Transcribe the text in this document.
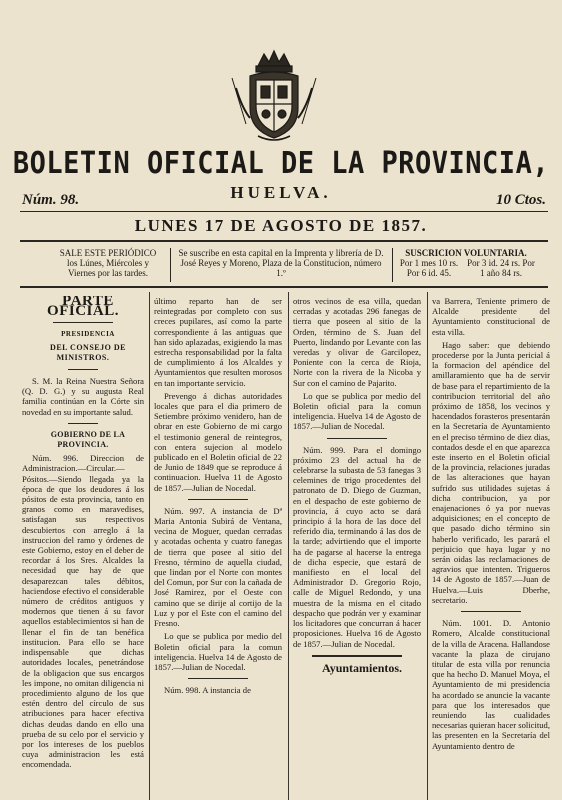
BOLETIN OFICIAL DE LA PROVINCIA,
Núm. 98.	HUELVA.	10 Ctos.
LUNES 17 DE AGOSTO DE 1857.
SALE ESTE PERIÓDICO los Lúnes, Miércoles y Viernes por las tardes.
Se suscribe en esta capital en la Imprenta y librería de D. José Reyes y Moreno, Plaza de la Constitucion, número 1.º
SUSCRICION VOLUNTARIA.
Por 1 mes 10 rs. Por 6 id. 45.
Por 3 id. 24 rs. Por 1 año 84 rs.

PARTE OFICIAL.

PRESIDENCIA

DEL CONSEJO DE MINISTROS.

S. M. la Reina Nuestra Señora (Q. D. G.) y su augusta Real familia continúan en la Córte sin novedad en su importante salud.

GOBIERNO DE LA PROVINCIA.

Núm. 996. Direccion de Administracion.—Circular.—Pósitos.—Siendo llegada ya la época de que los deudores á los pósitos de esta provincia, tanto en granos como en maravedises, satisfagan sus respectivos descubiertos con arreglo á la instruccion del ramo y órdenes de este Gobierno, estoy en el deber de recordar á los Sres. Alcaldes la necesidad que hay de que desaparezcan tales débitos, haciendose efectivo el considerable número de créditos antiguos y modernos que tienen á su favor aquellos establecimientos si han de llenar el fin de tan benéfica institucion. Para ello se hace indispensable que dichas autoridades locales, penetrándose de la obligacion que sus encargos les impone, no omitan diligencia ni procedimiento alguno de los que estén dentro del círculo de sus atribuciones para hacer efectiva dichas deudas dando en ello una prueba de su celo por el servicio y por los intereses de los pueblos cuya administracion les está encomendada.

último reparto han de ser reintegradas por completo con sus creces pupilares, así como la parte correspondiente á las antiguas que han sido aplazadas, exigiendo la mas estrecha responsabilidad por la falta de cumplimiento á los Alcaldes y Ayuntamientos que resulten morosos en tan importante servicio.

Prevengo á dichas autoridades locales que para el dia primero de Setiembre próximo venidero, han de obrar en este Gobierno de mi cargo el testimonio general de reintegros, con entera sujecion al modelo publicado en el Boletin oficial de 22 de Junio de 1849 que se reproduce á continuacion. Huelva 11 de Agosto de 1857.—Julian de Nocedal.

Núm. 997. A instancia de Dª Maria Antonia Subirá de Ventana, vecina de Moguer, quedan cerradas y acotadas ochenta y cuatro fanegas de tierra que posee al sitio del Fresno, término de aquella ciudad, que lindan por el Norte con montes del Comun, por Sur con la cañada de José Ramirez, por el Oeste con camino que se dirije al cortijo de la Luz y por el Este con el camino del Fresno.

Lo que se publica por medio del Boletin oficial para la comun inteligencia. Huelva 14 de Agosto de 1857.—Julian de Nocedal.

Núm. 998. A instancia de

otros vecinos de esa villa, quedan cerradas y acotadas 296 fanegas de tierra que poseen al sitio de la Orden, término de S. Juan del Puerto, lindando por Levante con las veredas y olivar de Garcilopez, Poniente con la cerca de Rioja, Norte con la rivera de la Nicoba y Sur con el camino de Pajarito.

Lo que se publica por medio del Boletin oficial para la comun inteligencia. Huelva 14 de Agosto de 1857.—Julian de Nocedal.

Núm. 999. Para el domingo próximo 23 del actual ha de celebrarse la subasta de 53 fanegas 3 celemines de trigo procedentes del patronato de D. Diego de Guzman, en el despacho de este gobierno de provincia, á cuyo acto se dará principio á la hora de las doce del referido dia, terminando á las dos de la tarde; advirtiendo que el importe ha de pagarse al hacerse la entrega de dicha especie, que estará de manifiesto en el local del Administrador D. Gregorio Rojo, calle de Miguel Redondo, y una muestra de la misma en el citado despacho que podrán ver y examinar los licitadores que concurran á hacer proposiciones. Huelva 16 de Agosto de 1857.—Julian de Nocedal.

Ayuntamientos.

va Barrera, Teniente primero de Alcalde presidente del Ayuntamiento constitucional de esta villa.

Hago saber: que debiendo procederse por la Junta pericial á la formacion del apéndice del amillaramiento que ha de servir de base para el repartimiento de la contribucion territorial del año próximo de 1858, los vecinos y hacendados forasteros presentarán en la Secretaría de Ayuntamiento en el preciso término de diez dias, contados desde el en que aparezca este inserto en el Boletin oficial de la provincia, relaciones juradas de las alteraciones que hayan sufrido sus utilidades sujetas á dicha contribucion, ya por enajenaciones ó ya por nuevas adquisiciones; en el concepto de que pasado dicho término sin haberlo verificado, les parará el perjuicio que haya lugar y no serán oidas las reclamaciones de agravios que intenten. Trigueros 14 de Agosto de 1857.—Juan de Huelva.—Luis Dberhe, secretario.

Núm. 1001. D. Antonio Romero, Alcalde constitucional de la villa de Aracena. Hallandose vacante la plaza de cirujano titular de esta villa por renuncia que ha hecho D. Manuel Moya, el Ayuntamiento de mi presidencia ha acordado se anuncie la vacante para que los interesados que reuniendo las cualidades necesarias quieran hacer solicitud, las presenten en la Secretaría del Ayuntamiento dentro de
